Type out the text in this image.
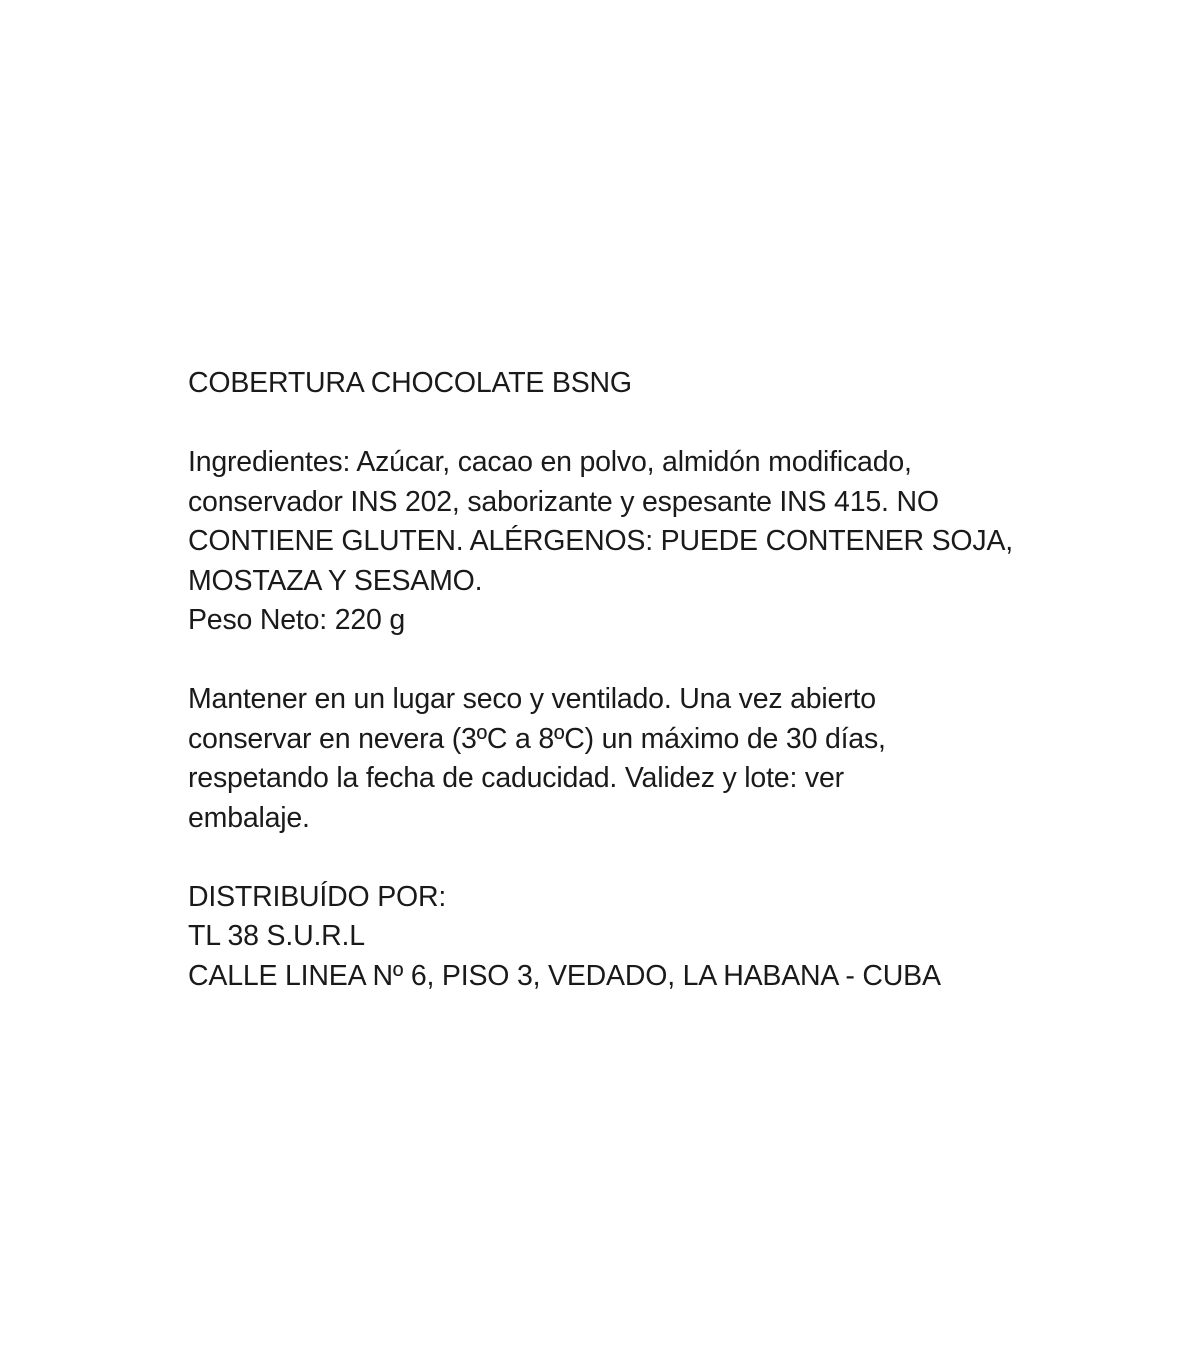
COBERTURA CHOCOLATE BSNG
Ingredientes: Azúcar, cacao en polvo, almidón modificado,
conservador INS 202, saborizante y espesante INS 415. NO
CONTIENE GLUTEN. ALÉRGENOS: PUEDE CONTENER SOJA,
MOSTAZA Y SESAMO.
Peso Neto: 220 g
Mantener en un lugar seco y ventilado. Una vez abierto
conservar en nevera (3ºC a 8ºC) un máximo de 30 días,
respetando la fecha de caducidad. Validez y lote: ver
embalaje.
DISTRIBUÍDO POR:
TL 38 S.U.R.L
CALLE LINEA Nº 6, PISO 3, VEDADO, LA HABANA - CUBA
